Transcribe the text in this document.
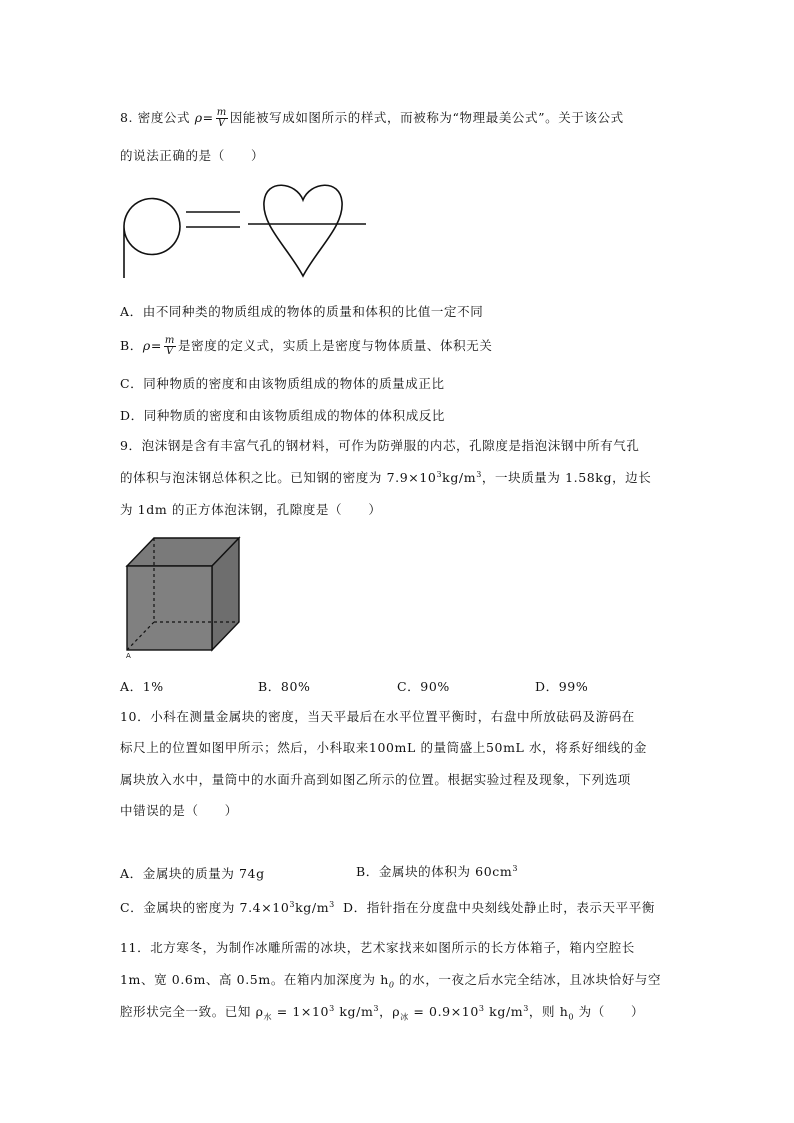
8. 密度公式 $\rho= \frac{m}{V}$ 因能被写成如图所示的样式，而被称为“物理最美公式”。关于该公式
的说法正确的是（　　）
A．由不同种类的物质组成的物体的质量和体积的比值一定不同
B．$\rho= \frac{m}{V}$ 是密度的定义式，实质上是密度与物体质量、体积无关
C．同种物质的密度和由该物质组成的物体的质量成正比
D．同种物质的密度和由该物质组成的物体的体积成反比
9．泡沫钢是含有丰富气孔的钢材料，可作为防弹服的内芯，孔隙度是指泡沫钢中所有气孔
的体积与泡沫钢总体积之比。已知钢的密度为 $7.9\times 10^3kg/m^3$，一块质量为 1.58kg，边长
为 1dm 的正方体泡沫钢，孔隙度是（　　）
A
A．1%	B．80%	C．90%	D．99%
10．小科在测量金属块的密度，当天平最后在水平位置平衡时，右盘中所放砝码及游码在
标尺上的位置如图甲所示；然后，小科取来100mL 的量筒盛上50mL 水，将系好细线的金
属块放入水中，量筒中的水面升高到如图乙所示的位置。根据实验过程及现象，下列选项
中错误的是（　　）
A．金属块的质量为 74g	B．金属块的体积为 $60cm^3$
C．金属块的密度为 $7.4\times 10^3kg/m^3$ D．指针指在分度盘中央刻线处静止时，表示天平平衡
11．北方寒冬，为制作冰雕所需的冰块，艺术家找来如图所示的长方体箱子，箱内空腔长
1m、宽 0.6m、高 0.5m。在箱内加深度为 $h_0$ 的水，一夜之后水完全结冰，且冰块恰好与空
腔形状完全一致。已知 $\rho_水 = 1\times 10^3$ $kg/m^3$，$\rho_冰 = 0.9\times 10^3$ $kg/m^3$，则 $h_0$ 为（　　）
